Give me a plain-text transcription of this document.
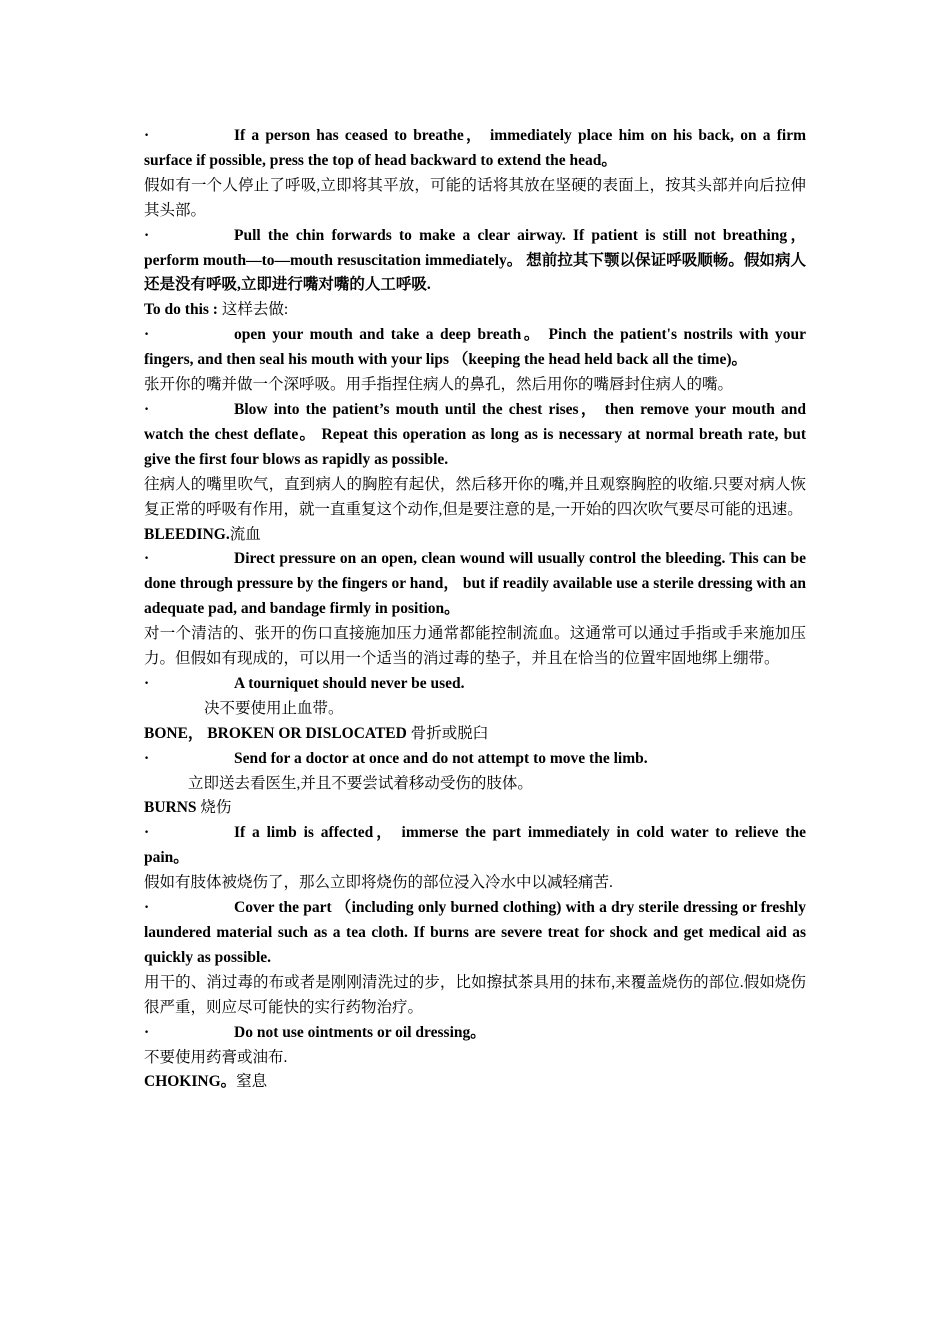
·	If a person has ceased to breathe， immediately place him on his back, on a firm surface if possible, press the top of head backward to extend the head。
假如有一个人停止了呼吸,立即将其平放，可能的话将其放在坚硬的表面上，按其头部并向后拉伸其头部。
·	Pull the chin forwards to make a clear airway. If patient is still not breathing，perform mouth—to—mouth resuscitation immediately。 想前拉其下颚以保证呼吸顺畅。假如病人还是没有呼吸,立即进行嘴对嘴的人工呼吸.
To do this : 这样去做:
·	open your mouth and take a deep breath。 Pinch the patient's nostrils with your fingers, and then seal his mouth with your lips （keeping the head held back all the time)。
张开你的嘴并做一个深呼吸。用手指捏住病人的鼻孔，然后用你的嘴唇封住病人的嘴。
·	Blow into the patient’s mouth until the chest rises， then remove your mouth and watch the chest deflate。 Repeat this operation as long as is necessary at normal breath rate, but give the first four blows as rapidly as possible.
往病人的嘴里吹气，直到病人的胸腔有起伏，然后移开你的嘴,并且观察胸腔的收缩.只要对病人恢复正常的呼吸有作用，就一直重复这个动作,但是要注意的是,一开始的四次吹气要尽可能的迅速。
BLEEDING.流血
·	Direct pressure on an open, clean wound will usually control the bleeding. This can be done through pressure by the fingers or hand， but if readily available use a sterile dressing with an adequate pad, and bandage firmly in position。
对一个清洁的、张开的伤口直接施加压力通常都能控制流血。这通常可以通过手指或手来施加压力。但假如有现成的，可以用一个适当的消过毒的垫子，并且在恰当的位置牢固地绑上绷带。
·	A tourniquet should never be used.
决不要使用止血带。
BONE， BROKEN OR DISLOCATED 骨折或脱臼
·	Send for a doctor at once and do not attempt to move the limb.
立即送去看医生,并且不要尝试着移动受伤的肢体。
BURNS 烧伤
·	If a limb is affected， immerse the part immediately in cold water to relieve the pain。
假如有肢体被烧伤了，那么立即将烧伤的部位浸入冷水中以减轻痛苦.
·	Cover the part （including only burned clothing) with a dry sterile dressing or freshly laundered material such as a tea cloth. If burns are severe treat for shock and get medical aid as quickly as possible.
用干的、消过毒的布或者是刚刚清洗过的步，比如擦拭茶具用的抹布,来覆盖烧伤的部位.假如烧伤很严重，则应尽可能快的实行药物治疗。
·	Do not use ointments or oil dressing。
不要使用药膏或油布.
CHOKING。窒息
